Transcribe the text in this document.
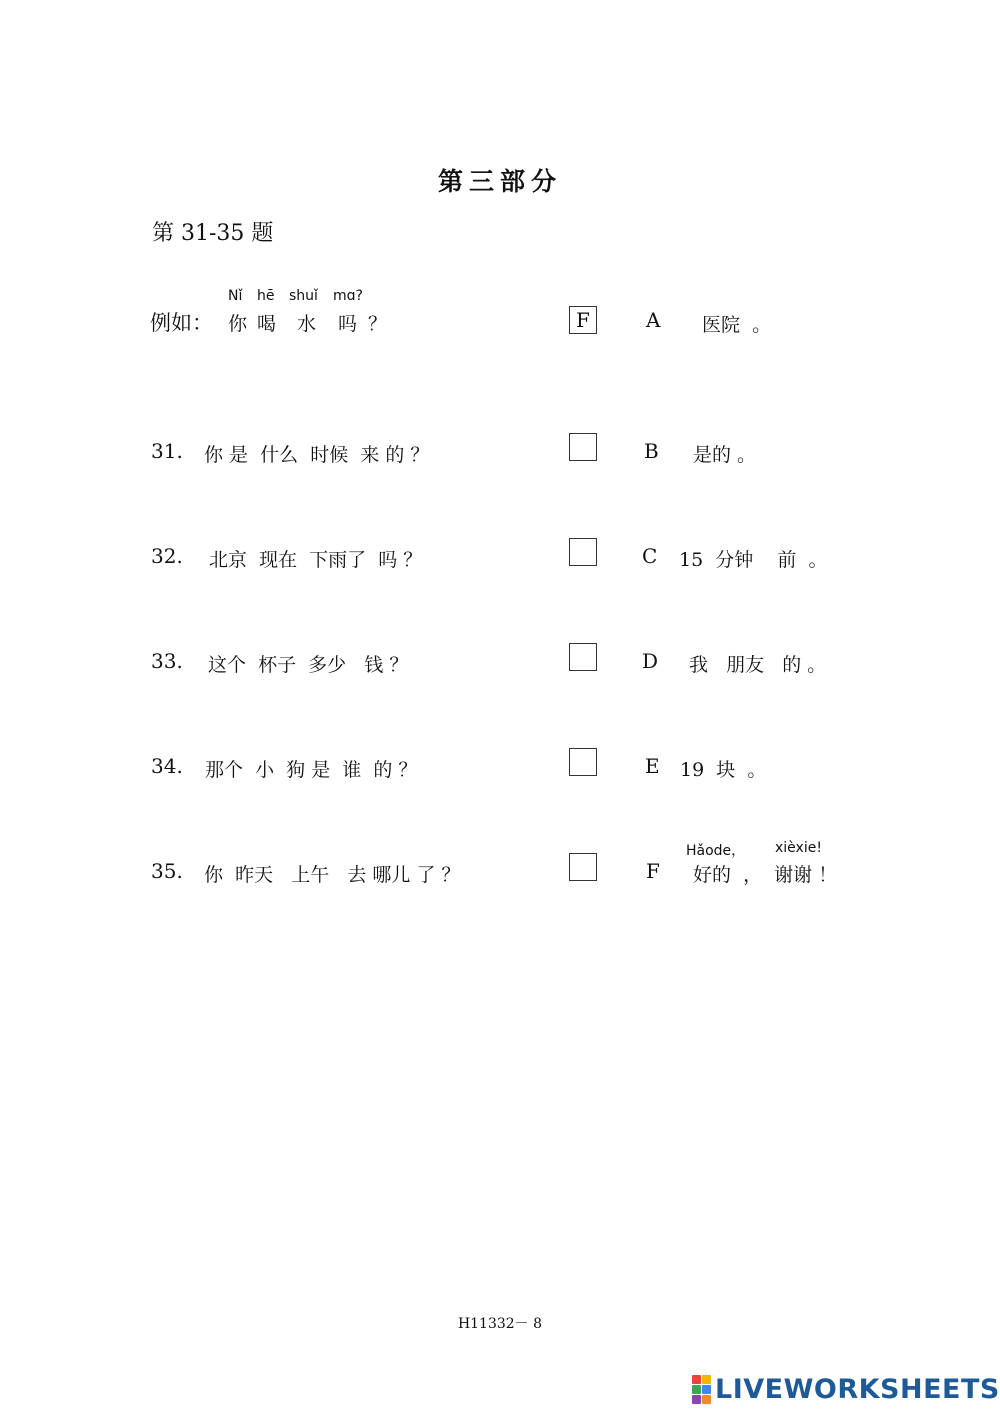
第三部分
第 31-35 题
例如：
Nǐ hē shuǐ mɑ?
你 喝 水 吗 ？	F
31. 你 是  什么  时候  来 的 ？
32. 北京  现在  下雨了  吗 ？
33. 这个  杯子  多少   钱 ？
34. 那个  小  狗 是  谁  的 ？
35. 你  昨天   上午   去 哪儿 了 ？
A 医院  。
B 是的 。
C 15  分钟    前  。
D 我   朋友   的 。
E 19  块  。
Hǎode， xièxie!
F 好的  ，  谢谢 ！
H11332－ 8
LIVEWORKSHEETS
